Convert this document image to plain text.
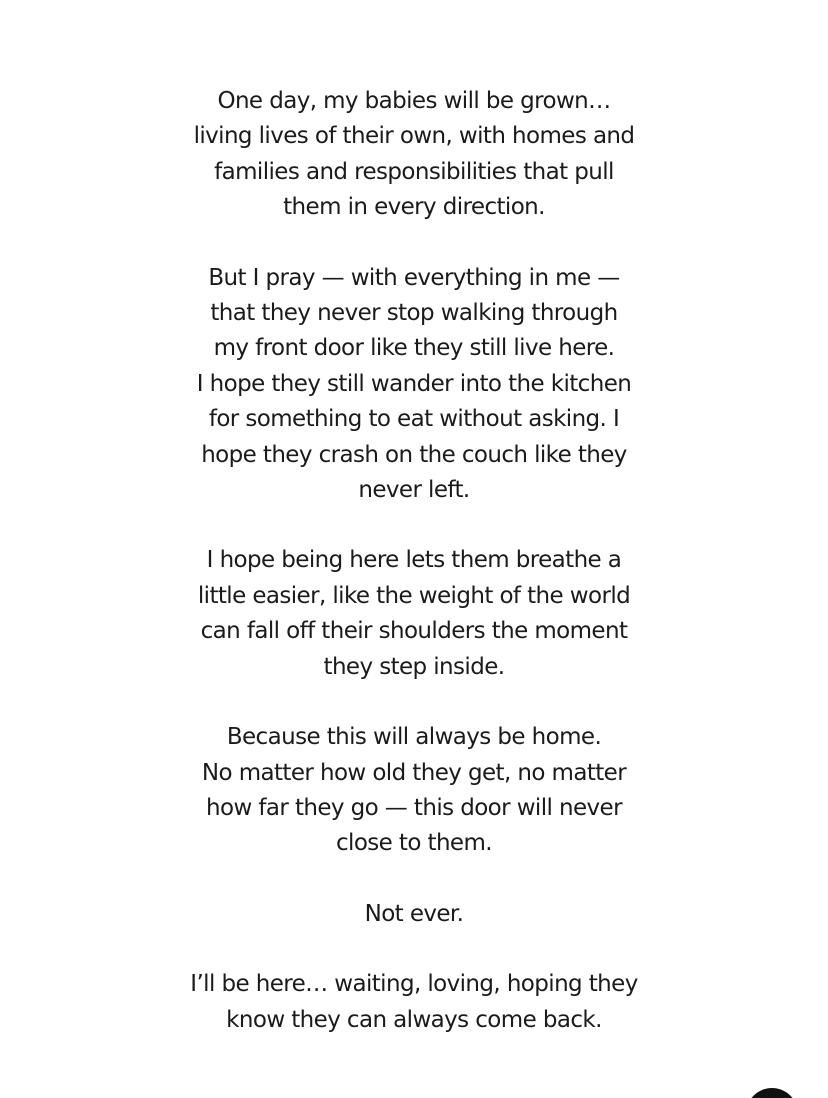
One day, my babies will be grown…
living lives of their own, with homes and
families and responsibilities that pull
them in every direction.

But I pray — with everything in me —
that they never stop walking through
my front door like they still live here.
I hope they still wander into the kitchen
for something to eat without asking. I
hope they crash on the couch like they
never left.

I hope being here lets them breathe a
little easier, like the weight of the world
can fall off their shoulders the moment
they step inside.

Because this will always be home.
No matter how old they get, no matter
how far they go — this door will never
close to them.

Not ever.

I’ll be here… waiting, loving, hoping they
know they can always come back.
